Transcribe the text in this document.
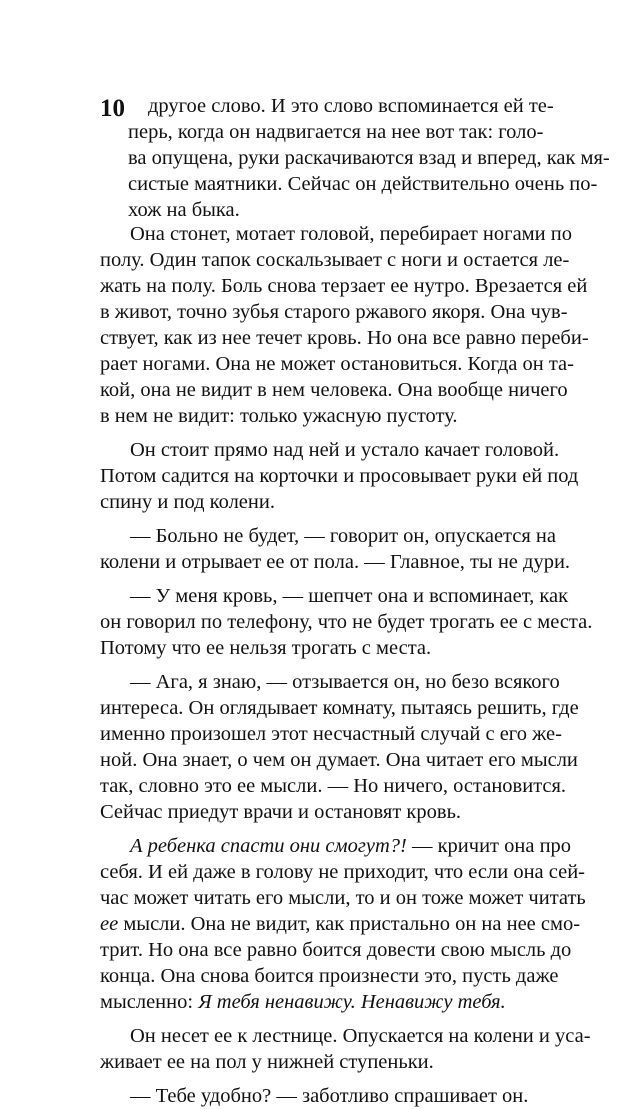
10	другое слово. И это слово вспоминается ей те-
перь, когда он надвигается на нее вот так: голо-
ва опущена, руки раскачиваются взад и вперед, как мя-
систые маятники. Сейчас он действительно очень по-
хож на быка.
Она стонет, мотает головой, перебирает ногами по
полу. Один тапок соскальзывает с ноги и остается ле-
жать на полу. Боль снова терзает ее нутро. Врезается ей
в живот, точно зубья старого ржавого якоря. Она чув-
ствует, как из нее течет кровь. Но она все равно переби-
рает ногами. Она не может остановиться. Когда он та-
кой, она не видит в нем человека. Она вообще ничего
в нем не видит: только ужасную пустоту.
Он стоит прямо над ней и устало качает головой.
Потом садится на корточки и просовывает руки ей под
спину и под колени.
— Больно не будет, — говорит он, опускается на
колени и отрывает ее от пола. — Главное, ты не дури.
— У меня кровь, — шепчет она и вспоминает, как
он говорил по телефону, что не будет трогать ее с места.
Потому что ее нельзя трогать с места.
— Ага, я знаю, — отзывается он, но безо всякого
интереса. Он оглядывает комнату, пытаясь решить, где
именно произошел этот несчастный случай с его же-
ной. Она знает, о чем он думает. Она читает его мысли
так, словно это ее мысли. — Но ничего, остановится.
Сейчас приедут врачи и остановят кровь.
А ребенка спасти они смогут?! — кричит она про
себя. И ей даже в голову не приходит, что если она сей-
час может читать его мысли, то и он тоже может читать
ее мысли. Она не видит, как пристально он на нее смо-
трит. Но она все равно боится довести свою мысль до
конца. Она снова боится произнести это, пусть даже
мысленно: Я тебя ненавижу. Ненавижу тебя.
Он несет ее к лестнице. Опускается на колени и уса-
живает ее на пол у нижней ступеньки.
— Тебе удобно? — заботливо спрашивает он.
